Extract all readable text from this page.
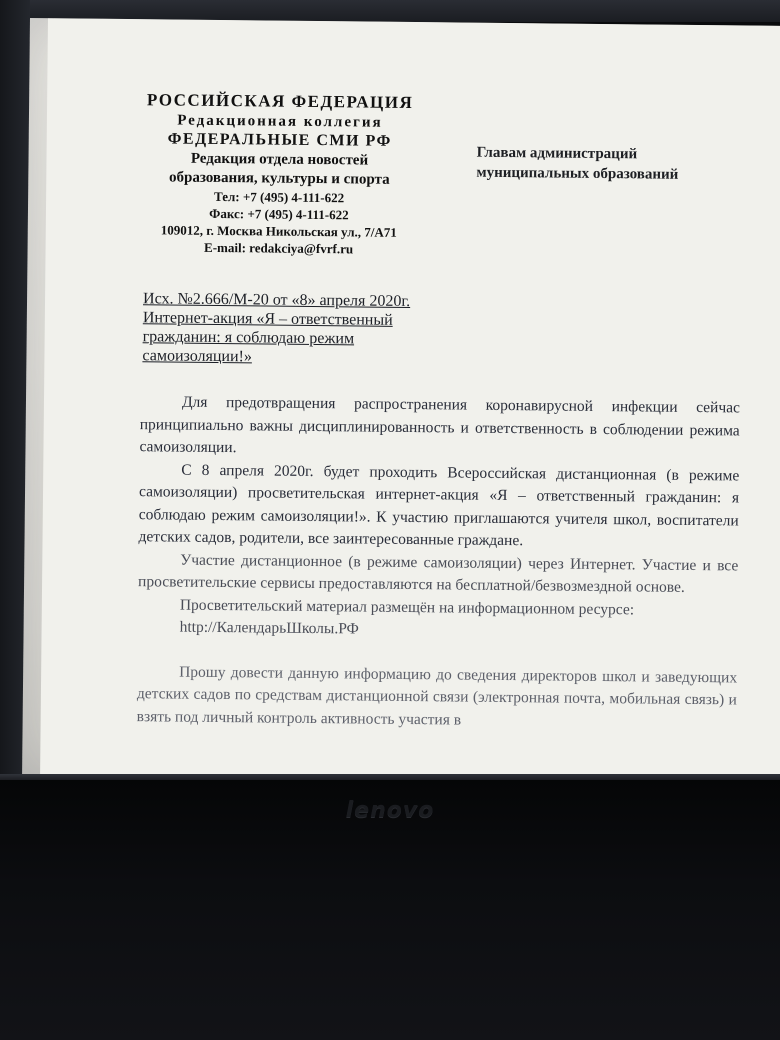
РОССИЙСКАЯ ФЕДЕРАЦИЯ
Редакционная коллегия
ФЕДЕРАЛЬНЫЕ СМИ РФ
Редакция отдела новостей
образования, культуры и спорта
Тел: +7 (495) 4-111-622
Факс: +7 (495) 4-111-622
109012, г. Москва Никольская ул., 7/А71
E-mail: redakciya@fvrf.ru
Главам администраций
муниципальных образований
Исх. №2.666/М-20 от «8» апреля 2020г.
Интернет-акция «Я – ответственный гражданин: я соблюдаю режим самоизоляции!»

Для предотвращения распространения коронавирусной инфекции сейчас принципиально важны дисциплинированность и ответственность в соблюдении режима самоизоляции.

С 8 апреля 2020г. будет проходить Всероссийская дистанционная (в режиме самоизоляции) просветительская интернет-акция «Я – ответственный гражданин: я соблюдаю режим самоизоляции!». К участию приглашаются учителя школ, воспитатели детских садов, родители, все заинтересованные граждане.

Участие дистанционное (в режиме самоизоляции) через Интернет. Участие и все просветительские сервисы предоставляются на бесплатной/безвозмездной основе.

Просветительский материал размещён на информационном ресурсе:

http://КалендарьШколы.РФ

Прошу довести данную информацию до сведения директоров школ и заведующих детских садов по средствам дистанционной связи (электронная почта, мобильная связь) и взять под личный контроль активность участия в

lenovo
